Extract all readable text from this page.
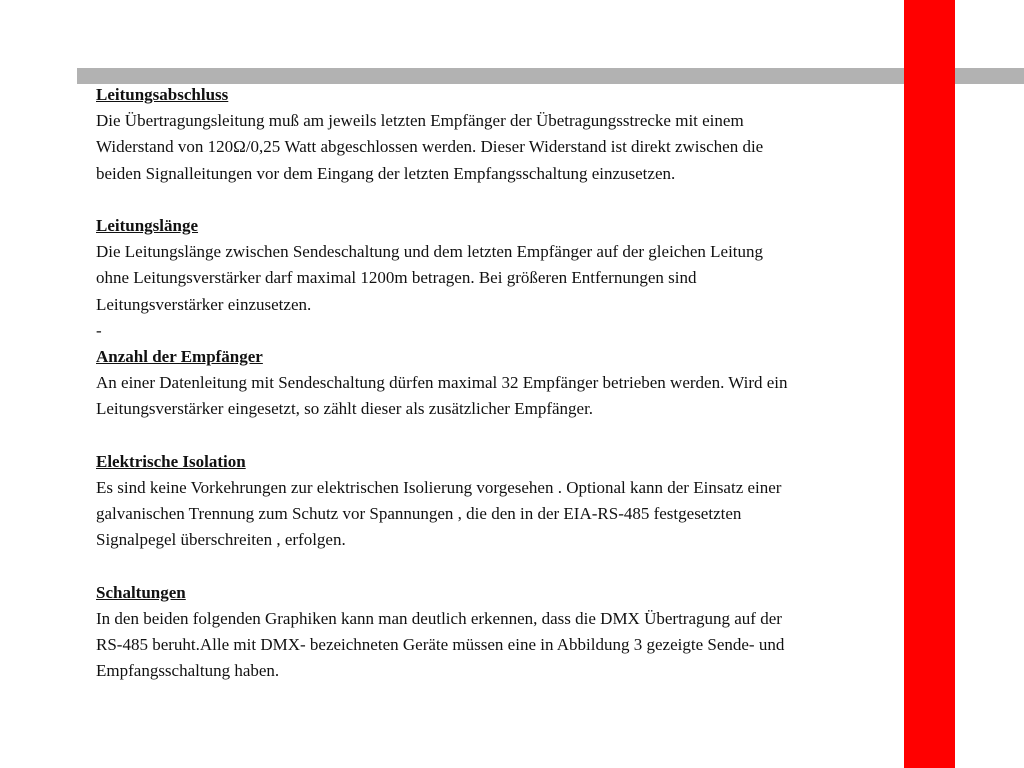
Leitungsabschluss
Die Übertragungsleitung muß am jeweils letzten Empfänger der Übetragungsstrecke mit einem
Widerstand von 120Ω/0,25 Watt abgeschlossen werden. Dieser Widerstand ist direkt zwischen die
beiden Signalleitungen vor dem Eingang der letzten Empfangsschaltung einzusetzen.
Leitungslänge
Die Leitungslänge zwischen Sendeschaltung und dem letzten Empfänger auf der gleichen Leitung
ohne Leitungsverstärker darf maximal 1200m betragen. Bei größeren Entfernungen sind
Leitungsverstärker einzusetzen.
-
Anzahl der Empfänger
An einer Datenleitung mit Sendeschaltung dürfen maximal 32 Empfänger betrieben werden. Wird ein
Leitungsverstärker eingesetzt, so zählt dieser als zusätzlicher Empfänger.
Elektrische Isolation
Es sind keine Vorkehrungen zur elektrischen Isolierung vorgesehen . Optional kann der Einsatz einer
galvanischen Trennung zum Schutz vor Spannungen , die den in der EIA-RS-485 festgesetzten
Signalpegel überschreiten , erfolgen.
Schaltungen
In den beiden folgenden Graphiken kann man deutlich erkennen, dass die DMX Übertragung auf der
RS-485 beruht.Alle mit DMX- bezeichneten Geräte müssen eine in Abbildung 3 gezeigte Sende- und
Empfangsschaltung haben.
